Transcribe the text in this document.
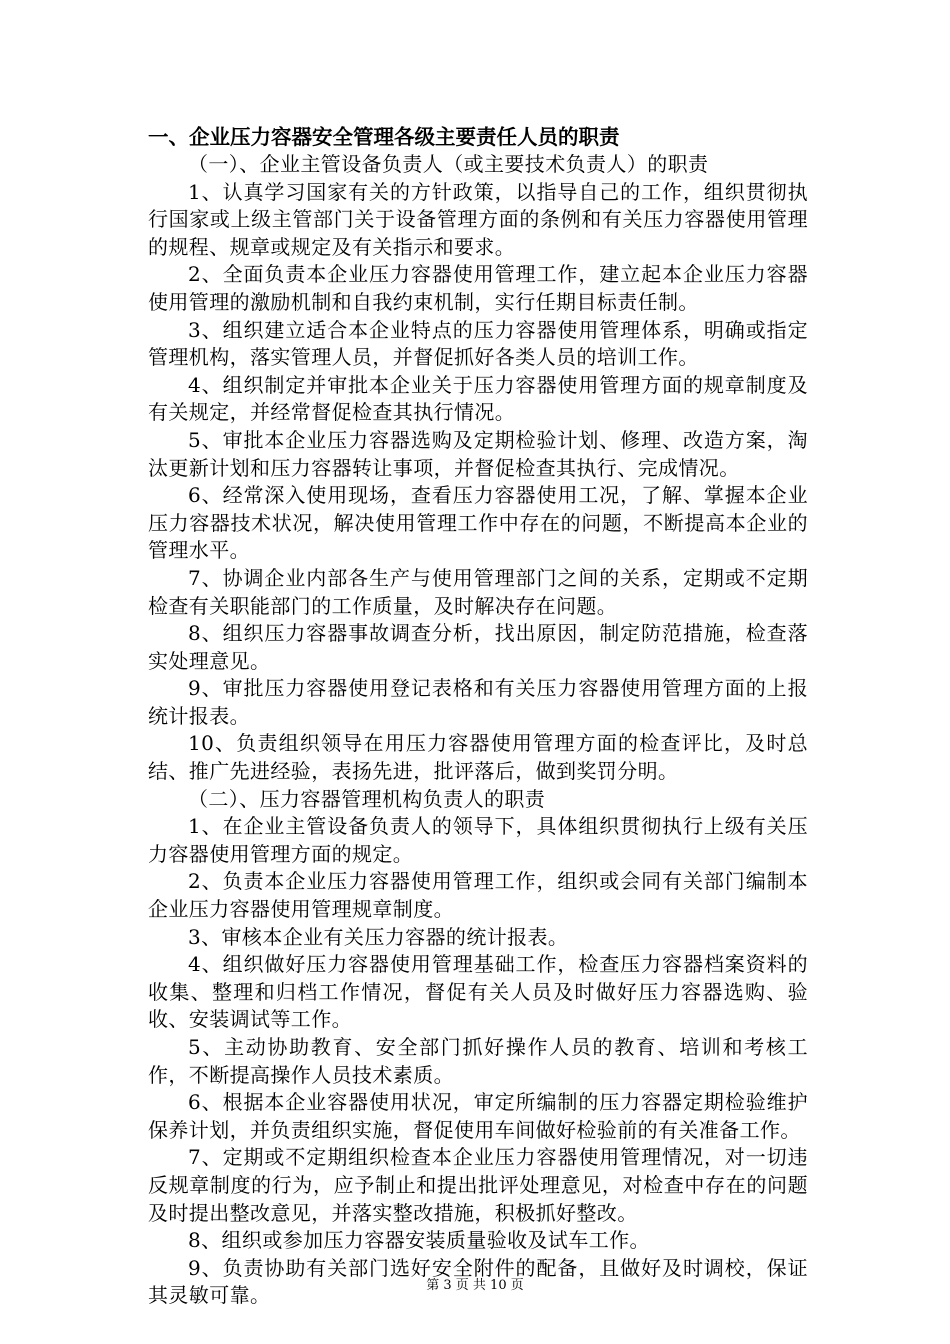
一、企业压力容器安全管理各级主要责任人员的职责

（一）、企业主管设备负责人（或主要技术负责人）的职责

1、认真学习国家有关的方针政策，以指导自己的工作，组织贯彻执行国家或上级主管部门关于设备管理方面的条例和有关压力容器使用管理的规程、规章或规定及有关指示和要求。

2、全面负责本企业压力容器使用管理工作，建立起本企业压力容器使用管理的激励机制和自我约束机制，实行任期目标责任制。

3、组织建立适合本企业特点的压力容器使用管理体系，明确或指定管理机构，落实管理人员，并督促抓好各类人员的培训工作。

4、组织制定并审批本企业关于压力容器使用管理方面的规章制度及有关规定，并经常督促检查其执行情况。

5、审批本企业压力容器选购及定期检验计划、修理、改造方案，淘汰更新计划和压力容器转让事项，并督促检查其执行、完成情况。

6、经常深入使用现场，查看压力容器使用工况，了解、掌握本企业压力容器技术状况，解决使用管理工作中存在的问题，不断提高本企业的管理水平。

7、协调企业内部各生产与使用管理部门之间的关系，定期或不定期检查有关职能部门的工作质量，及时解决存在问题。

8、组织压力容器事故调查分析，找出原因，制定防范措施，检查落实处理意见。

9、审批压力容器使用登记表格和有关压力容器使用管理方面的上报统计报表。

10、负责组织领导在用压力容器使用管理方面的检查评比，及时总结、推广先进经验，表扬先进，批评落后，做到奖罚分明。

（二）、压力容器管理机构负责人的职责

1、在企业主管设备负责人的领导下，具体组织贯彻执行上级有关压力容器使用管理方面的规定。

2、负责本企业压力容器使用管理工作，组织或会同有关部门编制本企业压力容器使用管理规章制度。

3、审核本企业有关压力容器的统计报表。

4、组织做好压力容器使用管理基础工作，检查压力容器档案资料的收集、整理和归档工作情况，督促有关人员及时做好压力容器选购、验收、安装调试等工作。

5、主动协助教育、安全部门抓好操作人员的教育、培训和考核工作，不断提高操作人员技术素质。

6、根据本企业容器使用状况，审定所编制的压力容器定期检验维护保养计划，并负责组织实施，督促使用车间做好检验前的有关准备工作。

7、定期或不定期组织检查本企业压力容器使用管理情况，对一切违反规章制度的行为，应予制止和提出批评处理意见，对检查中存在的问题及时提出整改意见，并落实整改措施，积极抓好整改。

8、组织或参加压力容器安装质量验收及试车工作。

9、负责协助有关部门选好安全附件的配备，且做好及时调校，保证其灵敏可靠。	第 3 页 共 10 页
